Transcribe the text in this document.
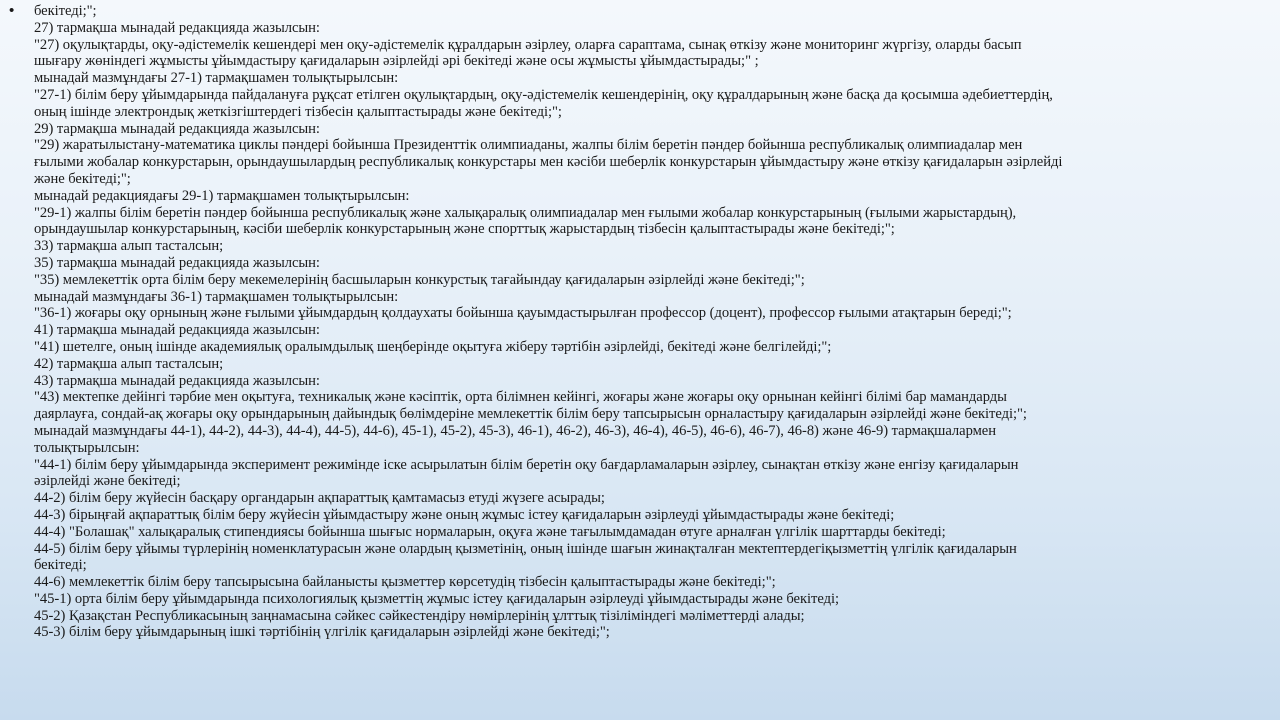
• бекітеді;";
27) тармақша мынадай редакцияда жазылсын:
"27) оқулықтарды, оқу-әдістемелік кешендері мен оқу-әдістемелік құралдарын әзірлеу, оларға сараптама, сынақ өткізу және мониторинг жүргізу, оларды басып
шығару жөніндегі жұмысты ұйымдастыру қағидаларын әзірлейді әрі бекітеді және осы жұмысты ұйымдастырады;" ;
мынадай мазмұндағы 27-1) тармақшамен толықтырылсын:
"27-1) білім беру ұйымдарында пайдалануға рұқсат етілген оқулықтардың, оқу-әдістемелік кешендерінің, оқу құралдарының және басқа да қосымша әдебиеттердің,
оның ішінде электрондық жеткізгіштердегі тізбесін қалыптастырады және бекітеді;";
29) тармақша мынадай редакцияда жазылсын:
"29) жаратылыстану-математика циклы пәндері бойынша Президенттік олимпиаданы, жалпы білім беретін пәндер бойынша республикалық олимпиадалар мен
ғылыми жобалар конкурстарын, орындаушылардың республикалық конкурстары мен кәсіби шеберлік конкурстарын ұйымдастыру және өткізу қағидаларын әзірлейді
және бекітеді;";
мынадай редакциядағы 29-1) тармақшамен толықтырылсын:
"29-1) жалпы білім беретін пәндер бойынша республикалық және халықаралық олимпиадалар мен ғылыми жобалар конкурстарының (ғылыми жарыстардың),
орындаушылар конкурстарының, кәсіби шеберлік конкурстарының және спорттық жарыстардың тізбесін қалыптастырады және бекітеді;";
33) тармақша алып тасталсын;
35) тармақша мынадай редакцияда жазылсын:
"35) мемлекеттік орта білім беру мекемелерінің басшыларын конкурстық тағайындау қағидаларын әзірлейді және бекітеді;";
мынадай мазмұндағы 36-1) тармақшамен толықтырылсын:
"36-1) жоғары оқу орнының және ғылыми ұйымдардың қолдаухаты бойынша қауымдастырылған профессор (доцент), профессор ғылыми атақтарын береді;";
41) тармақша мынадай редакцияда жазылсын:
"41) шетелге, оның ішінде академиялық оралымдылық шеңберінде оқытуға жіберу тәртібін әзірлейді, бекітеді және белгілейді;";
42) тармақша алып тасталсын;
43) тармақша мынадай редакцияда жазылсын:
"43) мектепке дейінгі тәрбие мен оқытуға, техникалық және кәсіптік, орта білімнен кейінгі, жоғары және жоғары оқу орнынан кейінгі білімі бар мамандарды
даярлауға, сондай-ақ жоғары оқу орындарының дайындық бөлімдеріне мемлекеттік білім беру тапсырысын орналастыру қағидаларын әзірлейді және бекітеді;";
мынадай мазмұндағы 44-1), 44-2), 44-3), 44-4), 44-5), 44-6), 45-1), 45-2), 45-3), 46-1), 46-2), 46-3), 46-4), 46-5), 46-6), 46-7), 46-8) және 46-9) тармақшалармен
толықтырылсын:
"44-1) білім беру ұйымдарында эксперимент режимінде іске асырылатын білім беретін оқу бағдарламаларын әзірлеу, сынақтан өткізу және енгізу қағидаларын
әзірлейді және бекітеді;
44-2) білім беру жүйесін басқару органдарын ақпараттық қамтамасыз етуді жүзеге асырады;
44-3) бірыңғай ақпараттық білім беру жүйесін ұйымдастыру және оның жұмыс істеу қағидаларын әзірлеуді ұйымдастырады және бекітеді;
44-4) "Болашақ" халықаралық стипендиясы бойынша шығыс нормаларын, оқуға және тағылымдамадан өтуге арналған үлгілік шарттарды бекітеді;
44-5) білім беру ұйымы түрлерінің номенклатурасын және олардың қызметінің, оның ішінде шағын жинақталған мектептердегіқызметтің үлгілік қағидаларын
бекітеді;
44-6) мемлекеттік білім беру тапсырысына байланысты қызметтер көрсетудің тізбесін қалыптастырады және бекітеді;";
"45-1) орта білім беру ұйымдарында психологиялық қызметтің жұмыс істеу қағидаларын әзірлеуді ұйымдастырады және бекітеді;
45-2) Қазақстан Республикасының заңнамасына сәйкес сәйкестендіру нөмірлерінің ұлттық тізіліміндегі мәліметтерді алады;
45-3) білім беру ұйымдарының ішкі тәртібінің үлгілік қағидаларын әзірлейді және бекітеді;";
